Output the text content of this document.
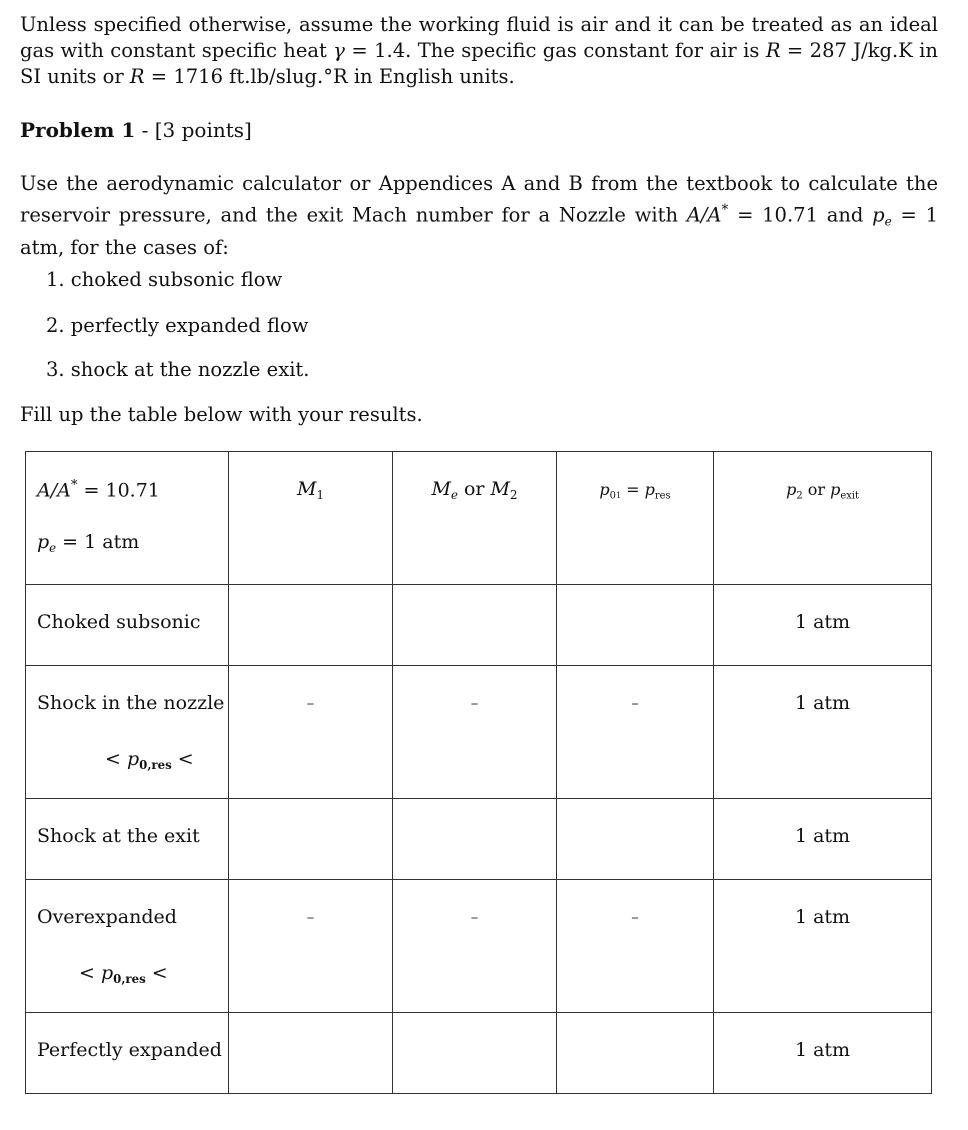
Unless specified otherwise, assume the working fluid is air and it can be treated as an ideal gas with constant specific heat γ = 1.4. The specific gas constant for air is R = 287 J/kg.K in SI units or R = 1716 ft.lb/slug.°R in English units.

Problem 1 - [3 points]

Use the aerodynamic calculator or Appendices A and B from the textbook to calculate the reservoir pressure, and the exit Mach number for a Nozzle with A/A* = 10.71 and $p_e = 1$ atm, for the cases of:

1. choked subsonic flow
2. perfectly expanded flow
3. shock at the nozzle exit.

Fill up the table below with your results.

A/A* = 10.71
$p_e = 1$ atm	$M_1$	$M_e$ or $M_2$	$p_{01} = p_{res}$	$p_2$ or $p_{exit}$

Choked subsonic				1 atm

Shock in the nozzle
< $p_{0,res}$ <	–	–	–	1 atm

Shock at the exit				1 atm

Overexpanded
< $p_{0,res}$ <	–	–	–	1 atm

Perfectly expanded				1 atm
